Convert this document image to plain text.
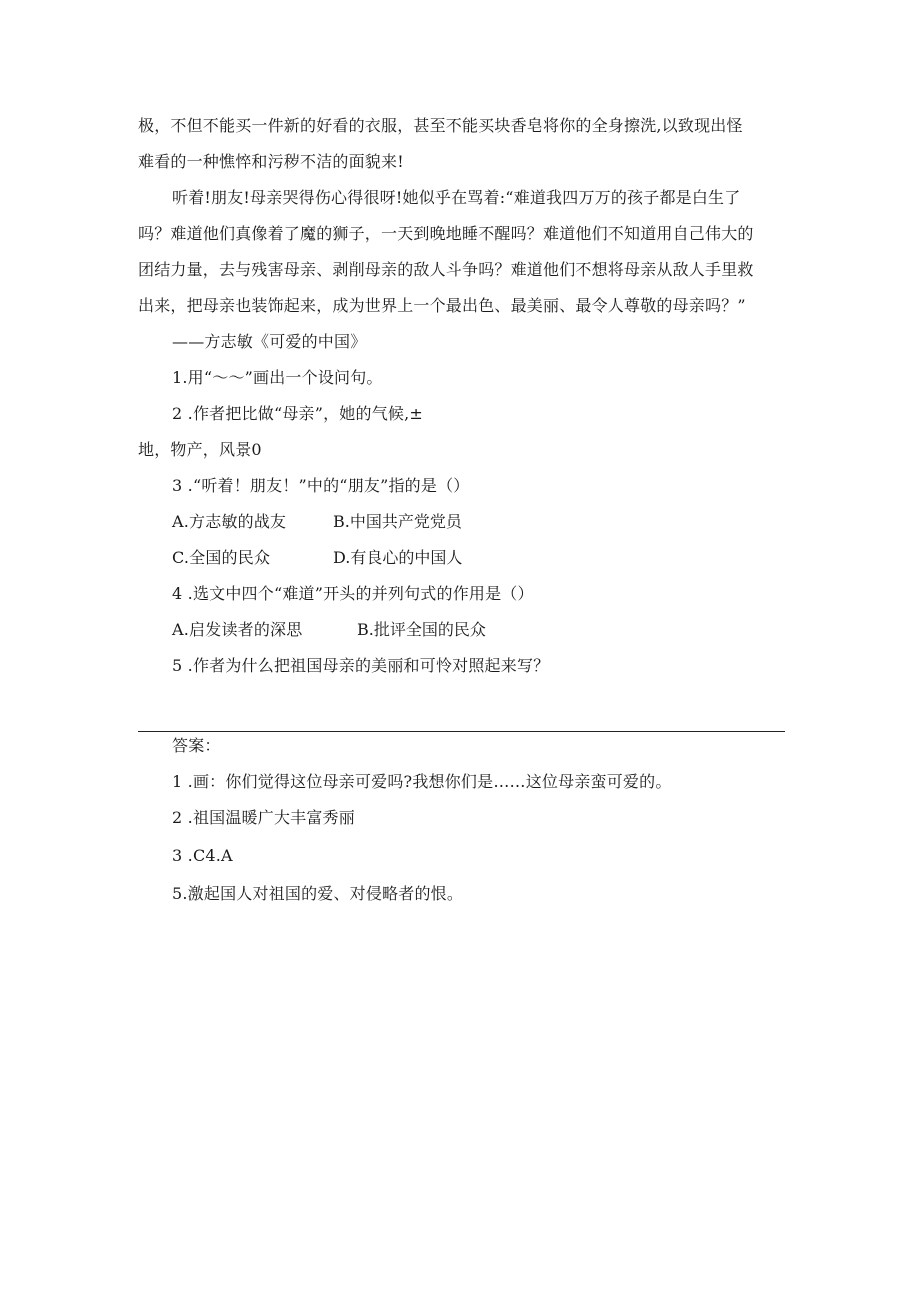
极，不但不能买一件新的好看的衣服，甚至不能买块香皂将你的全身擦洗,以致现出怪
难看的一种憔悴和污秽不洁的面貌来!
听着!朋友!母亲哭得伤心得很呀!她似乎在骂着:“难道我四万万的孩子都是白生了
吗？难道他们真像着了魔的狮子，一天到晚地睡不醒吗？难道他们不知道用自己伟大的
团结力量，去与残害母亲、剥削母亲的敌人斗争吗？难道他们不想将母亲从敌人手里救
出来，把母亲也装饰起来，成为世界上一个最出色、最美丽、最令人尊敬的母亲吗？”
——方志敏《可爱的中国》
1.用“～～”画出一个设问句。
2 .作者把比做“母亲”，她的气候,±
地，物产，风景0
3 .“听着！朋友！”中的“朋友”指的是（）
A.方志敏的战友	B.中国共产党党员
C.全国的民众	D.有良心的中国人
4 .选文中四个“难道”开头的并列句式的作用是（）
A.启发读者的深思	B.批评全国的民众
5 .作者为什么把祖国母亲的美丽和可怜对照起来写？
答案：
1 .画：你们觉得这位母亲可爱吗?我想你们是……这位母亲蛮可爱的。
2 .祖国温暖广大丰富秀丽
3 .C4.A
5.激起国人对祖国的爱、对侵略者的恨。
